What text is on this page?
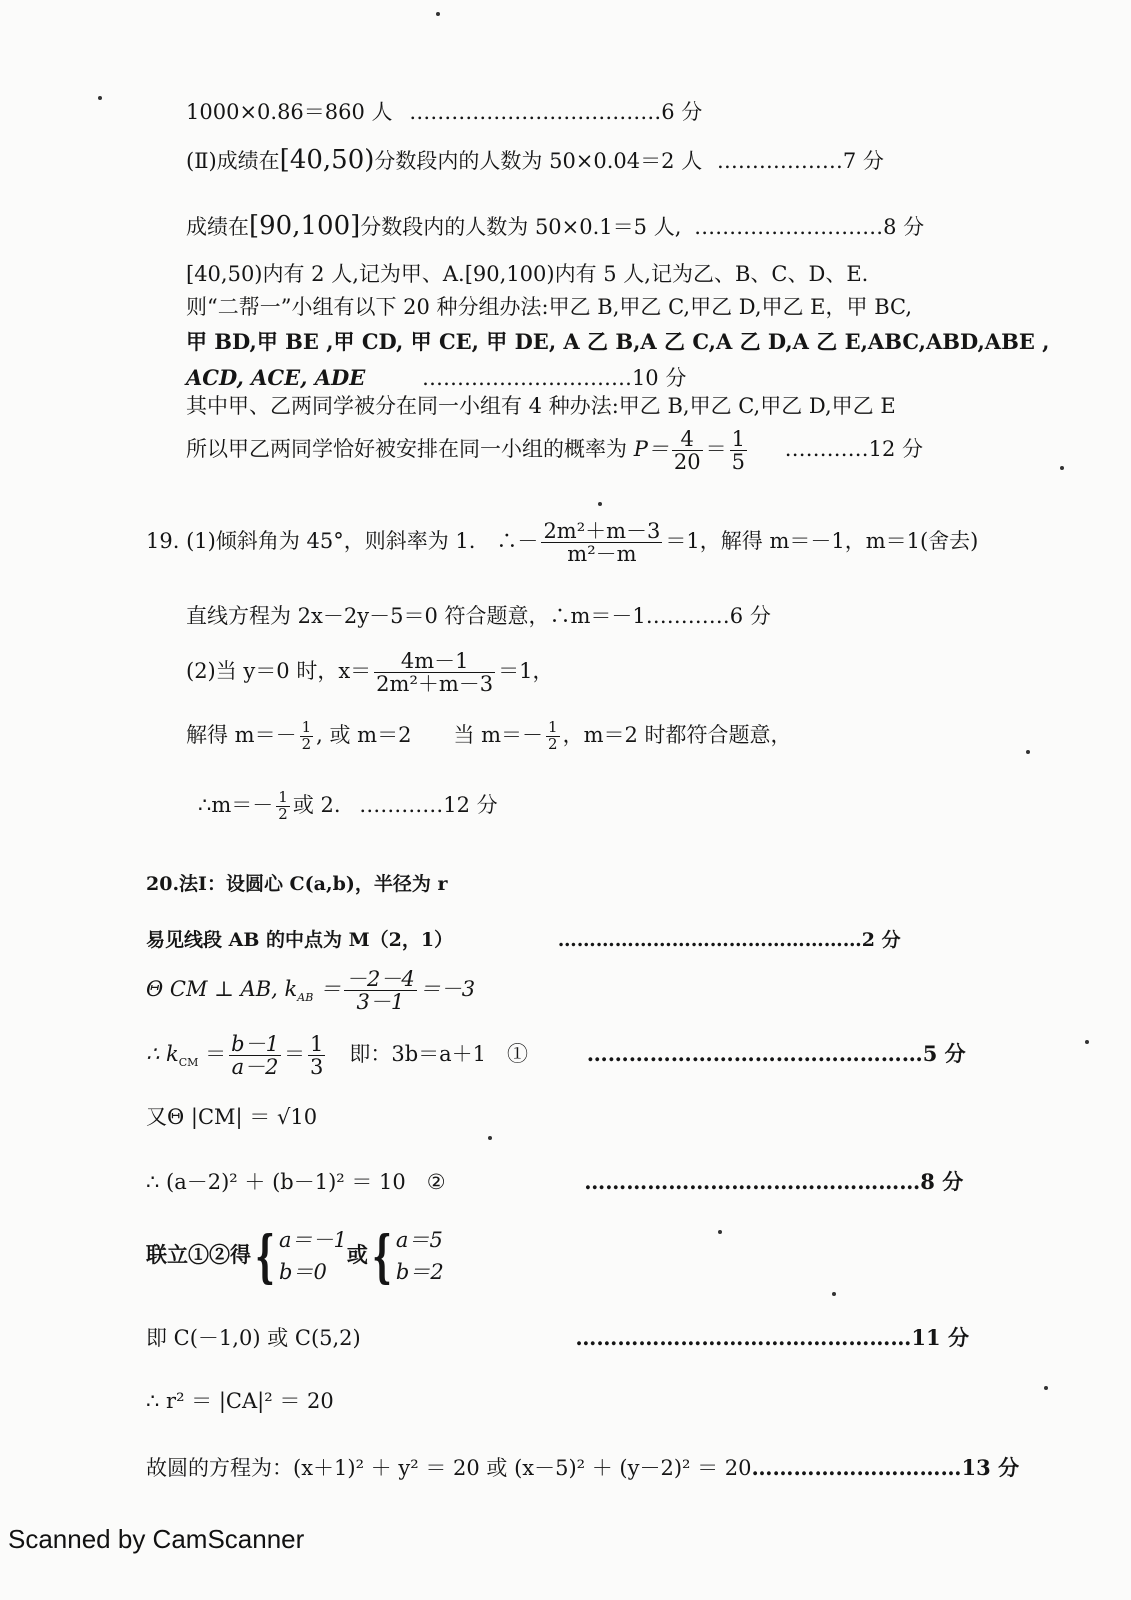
1000×0.86＝860 人 ………………………………6 分
(Ⅱ)成绩在[40,50)分数段内的人数为 50×0.04＝2 人 ………………7 分
成绩在[90,100]分数段内的人数为 50×0.1＝5 人, ………………………8 分
[40,50)内有 2 人,记为甲、A.[90,100)内有 5 人,记为乙、B、C、D、E.
则“二帮一”小组有以下 20 种分组办法:甲乙 B,甲乙 C,甲乙 D,甲乙 E，甲 BC,
甲 BD,甲 BE ,甲 CD, 甲 CE, 甲 DE, A 乙 B,A 乙 C,A 乙 D,A 乙 E,ABC,ABD,ABE ,
ACD, ACE, ADE	…………………………10 分
其中甲、乙两同学被分在同一小组有 4 种办法:甲乙 B,甲乙 C,甲乙 D,甲乙 E
所以甲乙两同学恰好被安排在同一小组的概率为 $P= \frac{4}{20} = \frac{1}{5}$ …………12 分
19. (1)倾斜角为 45°，则斜率为 1.　∴－ $\frac{\text{2m²＋m－3}}{\text{m²－m}} =1$，解得 m＝－1，m＝1(舍去)
直线方程为 2x－2y－5＝0 符合题意，∴m＝－1…………6 分
(2)当 y＝0 时，$x= \frac{4m-1}{\text{2m²＋m－3}} =1$，
解得 $m=- \frac{1}{2}$ , 或 m＝2　　当 $m=- \frac{1}{2}$ ，m＝2 时都符合题意，
∴m＝－ $\frac{1}{2}$ 或 2. …………12 分
20.法Ⅰ：设圆心 C(a,b)，半径为 r
易见线段 AB 的中点为 M（2，1）	…………………………………………2 分
Θ CM ⊥ AB, $k_{AB} = \frac{-2-4}{3-1} =-3$
∴ $k_{CM} = \frac{b-1}{a-2} = \frac{1}{3}$ 　即：3b＝a＋1　①	…………………………………………5 分
又Θ |CM| ＝ √10
∴ (a－2)² ＋ (b－1)² ＝ 10　②	…………………………………………8 分
联立①②得{ a＝－1
b＝0
或{ a＝5
b＝2
即 C(－1,0) 或 C(5,2)	…………………………………………11 分
∴ r² ＝ |CA|² ＝ 20
故圆的方程为：(x＋1)² ＋ y² ＝ 20 或 (x－5)² ＋ (y－2)² ＝ 20…………………………13 分
Scanned by CamScanner
